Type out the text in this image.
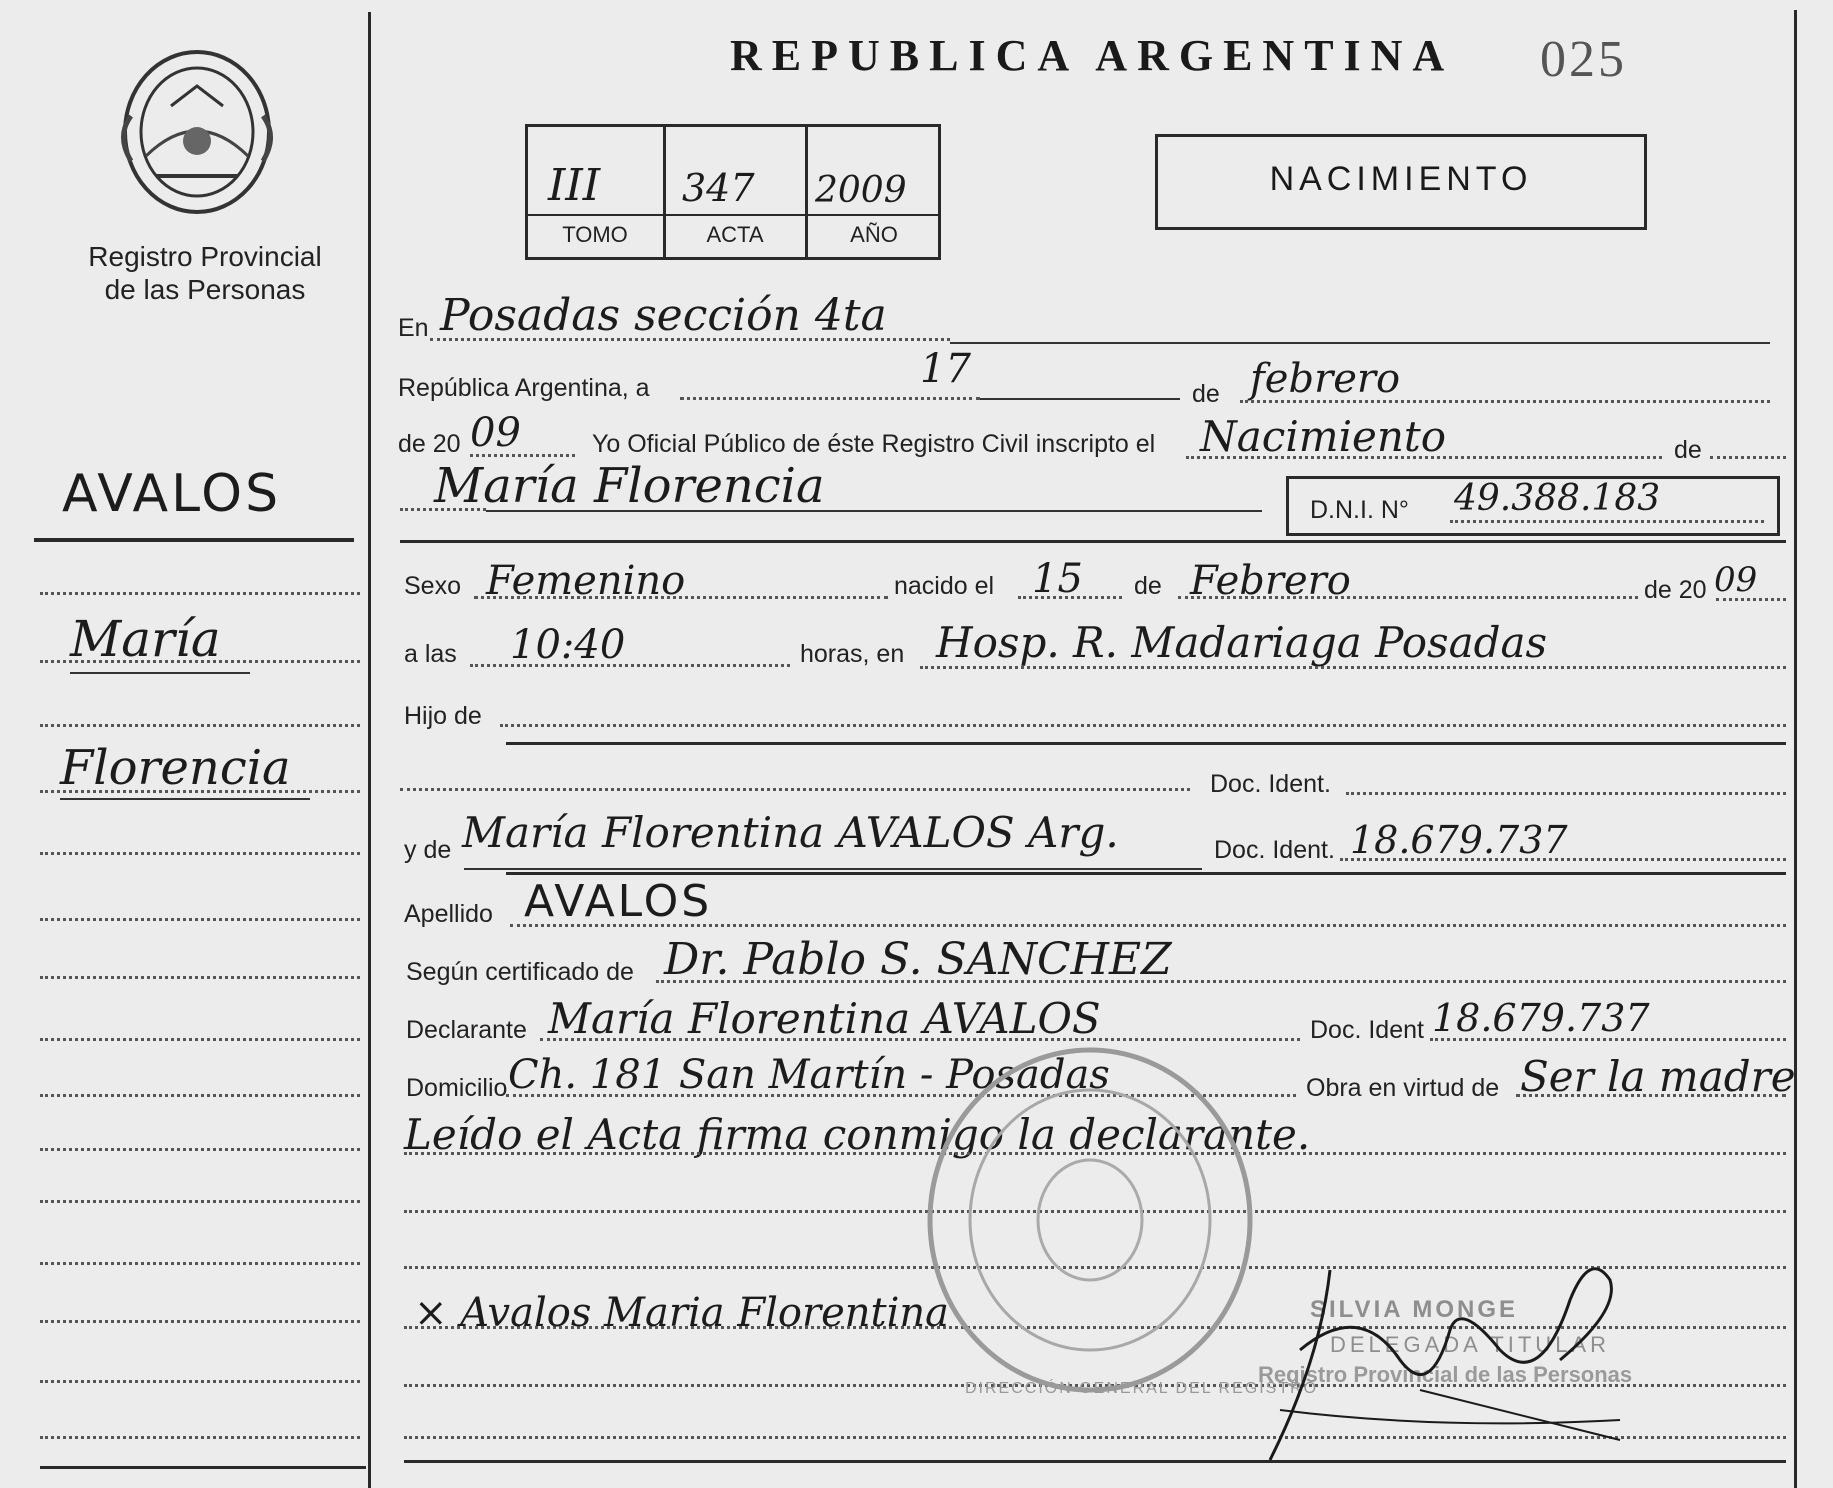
Registro Provincial
de las Personas
REPUBLICA ARGENTINA 025
III 347 2009
TOMO	ACTA	AÑO
NACIMIENTO
AVALOS
María
Florencia
En Posadas sección 4ta
República Argentina, a	17
de febrero
de 20 09	Yo Oficial Público de éste Registro Civil inscripto el Nacimiento	de
María Florencia	D.N.I. N° 49.388.183
Sexo Femenino	nacido el 15 de Febrero	de 20 09
a las 10:40	horas, en Hosp. R. Madariaga Posadas
Hijo de
Doc. Ident.
y de María Florentina AVALOS Arg.	Doc. Ident. 18.679.737
Apellido AVALOS
Según certificado de Dr. Pablo S. SANCHEZ
Declarante María Florentina AVALOS	Doc. Ident 18.679.737
Domicilio Ch. 181 San Martín - Posadas	Obra en virtud de Ser la madre
Leído el Acta firma conmigo la declarante.
× Avalos Maria Florentina
DIRECCIÓN GENERAL DEL REGISTRO
SILVIA MONGE
DELEGADA TITULAR
Registro Provincial de las Personas
